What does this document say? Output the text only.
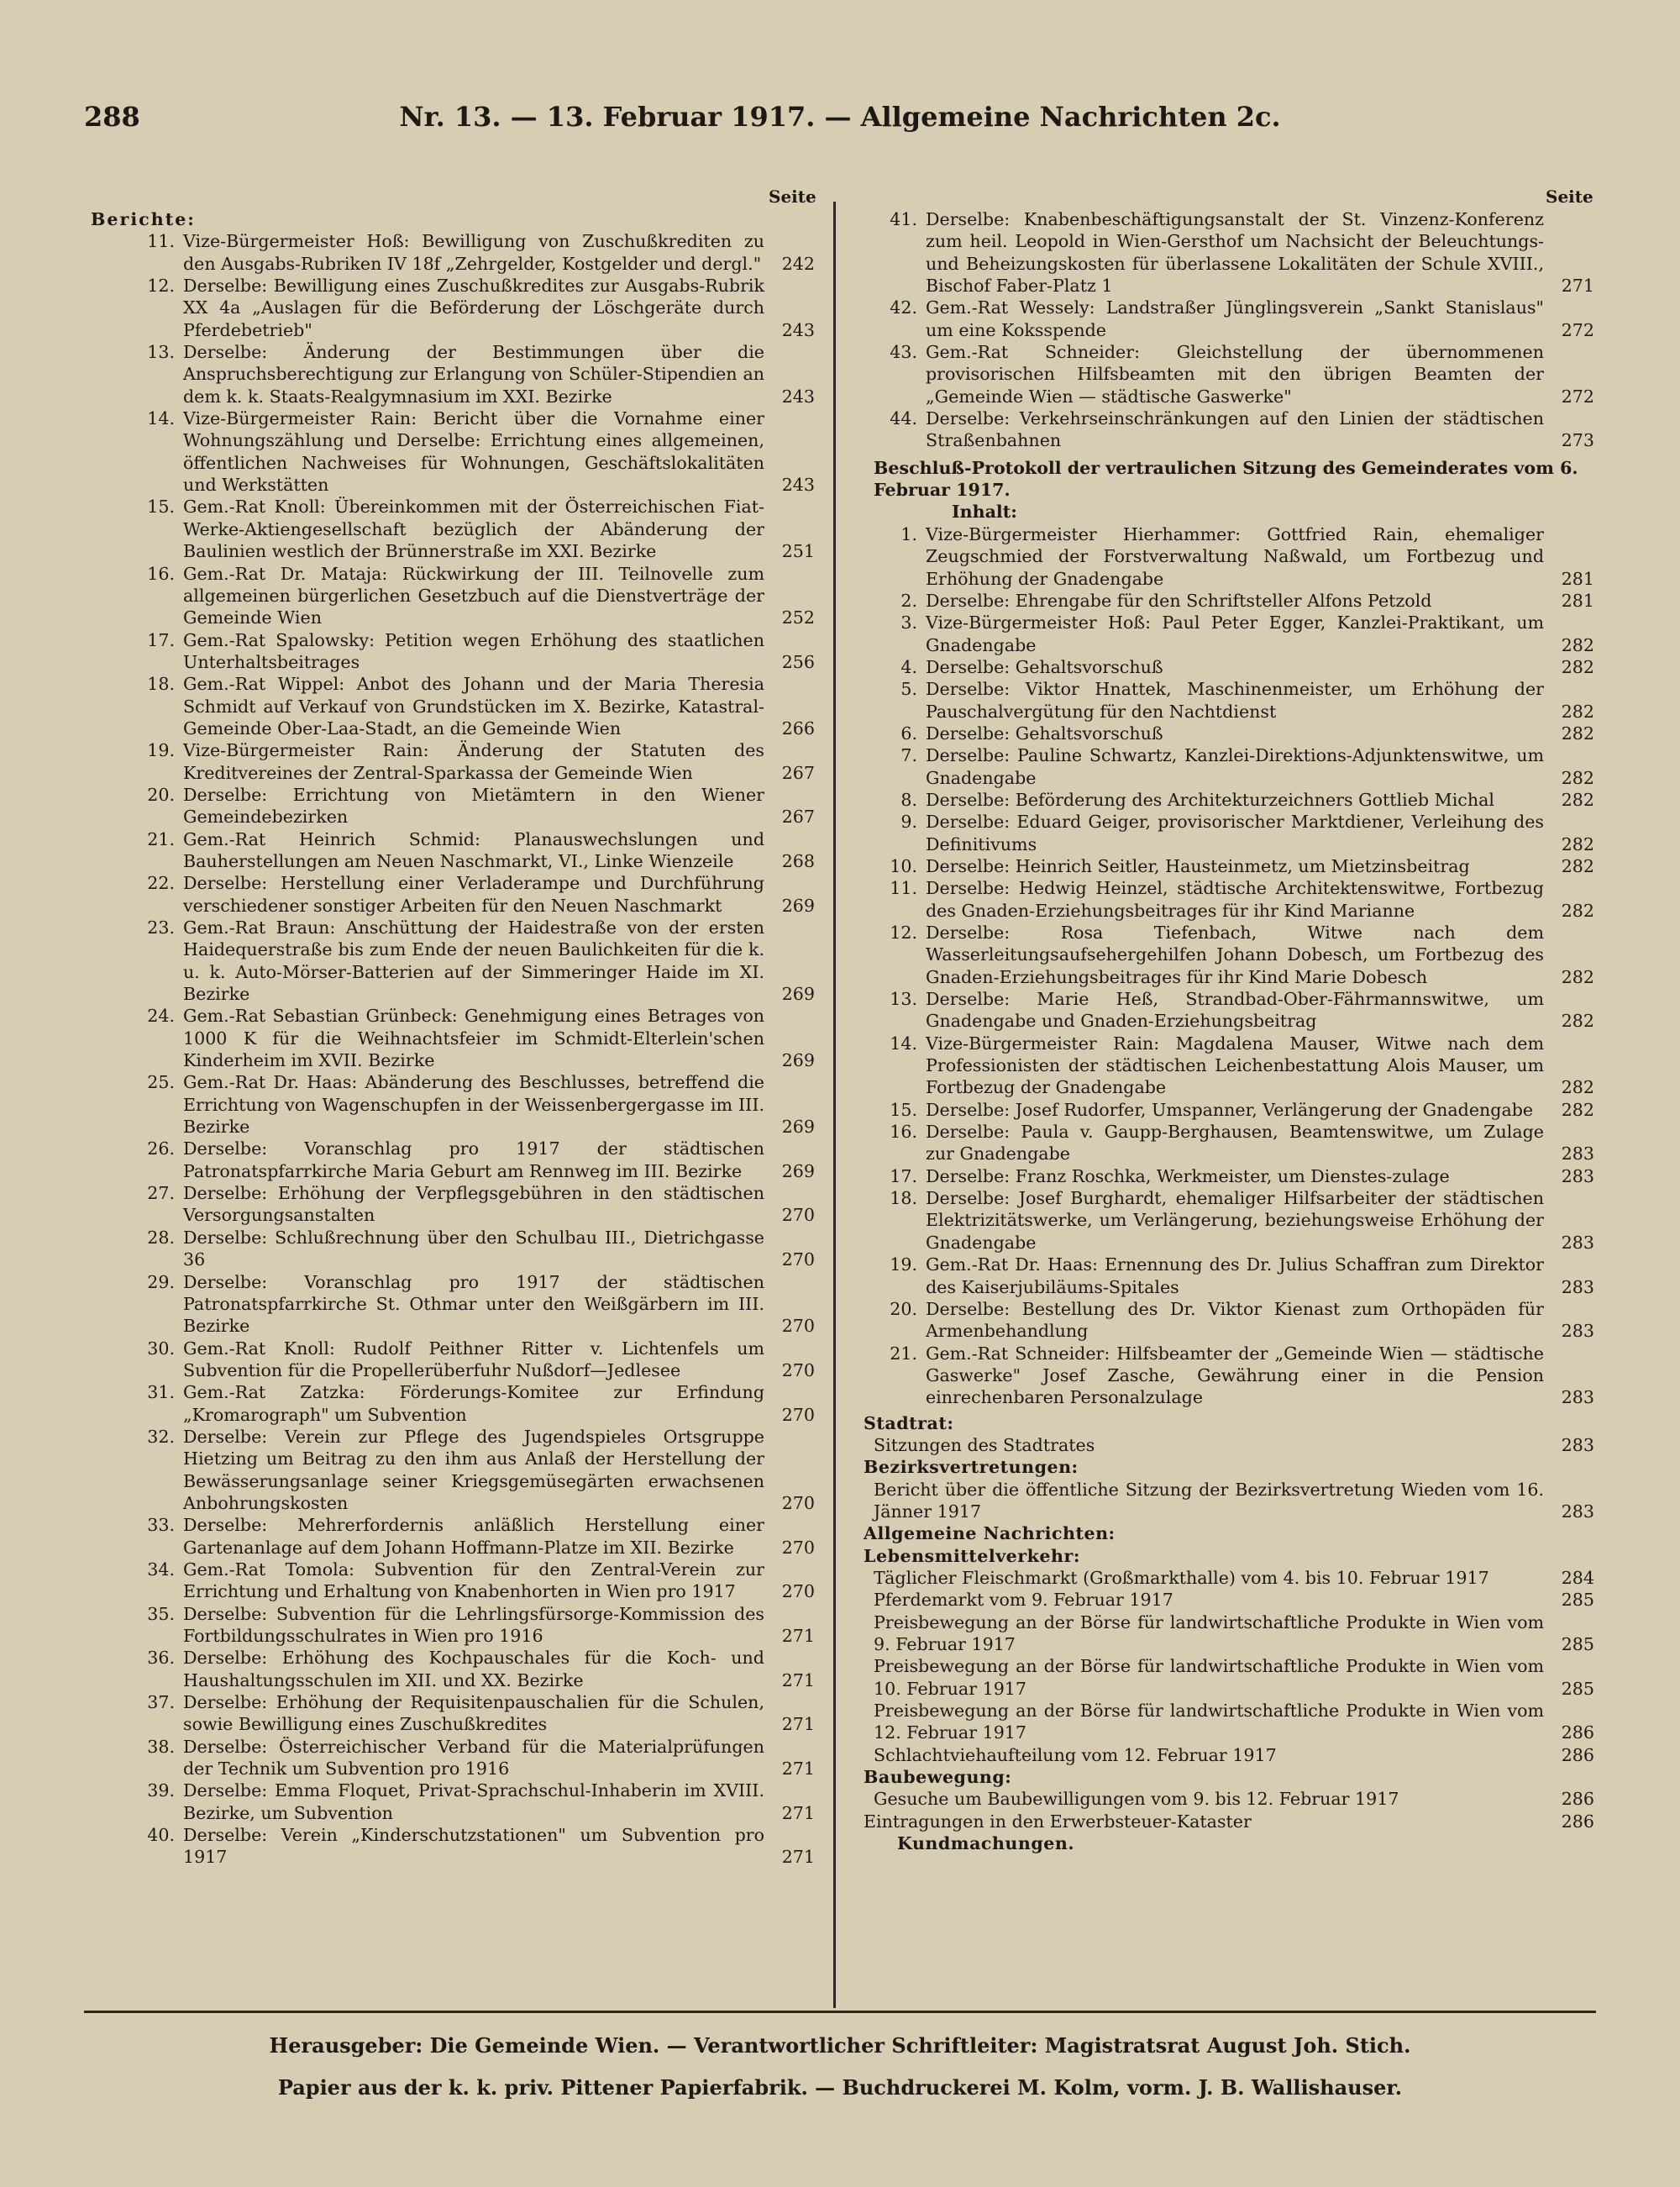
288	Nr. 13. — 13. Februar 1917. — Allgemeine Nachrichten 2c.
Seite	Seite
Berichte:
11. Vize-Bürgermeister Hoß: Bewilligung von Zuschußkrediten zu den Ausgabs-Rubriken IV 18f „Zehrgelder, Kostgelder und dergl."	242
12. Derselbe: Bewilligung eines Zuschußkredites zur Ausgabs-Rubrik XX 4a „Auslagen für die Beförderung der Löschgeräte durch Pferdebetrieb"	243
13. Derselbe: Änderung der Bestimmungen über die Anspruchsberechtigung zur Erlangung von Schüler-Stipendien an dem k. k. Staats-Realgymnasium im XXI. Bezirke	243
14. Vize-Bürgermeister Rain: Bericht über die Vornahme einer Wohnungszählung und Derselbe: Errichtung eines allgemeinen, öffentlichen Nachweises für Wohnungen, Geschäftslokalitäten und Werkstätten	243
15. Gem.-Rat Knoll: Übereinkommen mit der Österreichischen Fiat-Werke-Aktiengesellschaft bezüglich der Abänderung der Baulinien westlich der Brünnerstraße im XXI. Bezirke	251
16. Gem.-Rat Dr. Mataja: Rückwirkung der III. Teilnovelle zum allgemeinen bürgerlichen Gesetzbuch auf die Dienstverträge der Gemeinde Wien	252
17. Gem.-Rat Spalowsky: Petition wegen Erhöhung des staatlichen Unterhaltsbeitrages	256
18. Gem.-Rat Wippel: Anbot des Johann und der Maria Theresia Schmidt auf Verkauf von Grundstücken im X. Bezirke, Katastral-Gemeinde Ober-Laa-Stadt, an die Gemeinde Wien	266
19. Vize-Bürgermeister Rain: Änderung der Statuten des Kreditvereines der Zentral-Sparkassa der Gemeinde Wien	267
20. Derselbe: Errichtung von Mietämtern in den Wiener Gemeindebezirken	267
21. Gem.-Rat Heinrich Schmid: Planauswechslungen und Bauherstellungen am Neuen Naschmarkt, VI., Linke Wienzeile	268
22. Derselbe: Herstellung einer Verladerampe und Durchführung verschiedener sonstiger Arbeiten für den Neuen Naschmarkt	269
23. Gem.-Rat Braun: Anschüttung der Haidestraße von der ersten Haidequerstraße bis zum Ende der neuen Baulichkeiten für die k. u. k. Auto-Mörser-Batterien auf der Simmeringer Haide im XI. Bezirke	269
24. Gem.-Rat Sebastian Grünbeck: Genehmigung eines Betrages von 1000 K für die Weihnachtsfeier im Schmidt-Elterlein'schen Kinderheim im XVII. Bezirke	269
25. Gem.-Rat Dr. Haas: Abänderung des Beschlusses, betreffend die Errichtung von Wagenschupfen in der Weissenbergergasse im III. Bezirke	269
26. Derselbe: Voranschlag pro 1917 der städtischen Patronatspfarrkirche Maria Geburt am Rennweg im III. Bezirke	269
27. Derselbe: Erhöhung der Verpflegsgebühren in den städtischen Versorgungsanstalten	270
28. Derselbe: Schlußrechnung über den Schulbau III., Dietrichgasse 36	270
29. Derselbe: Voranschlag pro 1917 der städtischen Patronatspfarrkirche St. Othmar unter den Weißgärbern im III. Bezirke	270
30. Gem.-Rat Knoll: Rudolf Peithner Ritter v. Lichtenfels um Subvention für die Propellerüberfuhr Nußdorf—Jedlesee	270
31. Gem.-Rat Zatzka: Förderungs-Komitee zur Erfindung „Kromarograph" um Subvention	270
32. Derselbe: Verein zur Pflege des Jugendspieles Ortsgruppe Hietzing um Beitrag zu den ihm aus Anlaß der Herstellung der Bewässerungsanlage seiner Kriegsgemüsegärten erwachsenen Anbohrungskosten	270
33. Derselbe: Mehrerfordernis anläßlich Herstellung einer Gartenanlage auf dem Johann Hoffmann-Platze im XII. Bezirke	270
34. Gem.-Rat Tomola: Subvention für den Zentral-Verein zur Errichtung und Erhaltung von Knabenhorten in Wien pro 1917	270
35. Derselbe: Subvention für die Lehrlingsfürsorge-Kommission des Fortbildungsschulrates in Wien pro 1916	271
36. Derselbe: Erhöhung des Kochpauschales für die Koch- und Haushaltungsschulen im XII. und XX. Bezirke	271
37. Derselbe: Erhöhung der Requisitenpauschalien für die Schulen, sowie Bewilligung eines Zuschußkredites	271
38. Derselbe: Österreichischer Verband für die Materialprüfungen der Technik um Subvention pro 1916	271
39. Derselbe: Emma Floquet, Privat-Sprachschul-Inhaberin im XVIII. Bezirke, um Subvention	271
40. Derselbe: Verein „Kinderschutzstationen" um Subvention pro 1917	271
41. Derselbe: Knabenbeschäftigungsanstalt der St. Vinzenz-Konferenz zum heil. Leopold in Wien-Gersthof um Nachsicht der Beleuchtungs- und Beheizungskosten für überlassene Lokalitäten der Schule XVIII., Bischof Faber-Platz 1	271
42. Gem.-Rat Wessely: Landstraßer Jünglingsverein „Sankt Stanislaus" um eine Koksspende	272
43. Gem.-Rat Schneider: Gleichstellung der übernommenen provisorischen Hilfsbeamten mit den übrigen Beamten der „Gemeinde Wien — städtische Gaswerke"	272
44. Derselbe: Verkehrseinschränkungen auf den Linien der städtischen Straßenbahnen	273
Beschluß-Protokoll der vertraulichen Sitzung des Gemeinderates vom 6. Februar 1917.
Inhalt:
1. Vize-Bürgermeister Hierhammer: Gottfried Rain, ehemaliger Zeugschmied der Forstverwaltung Naßwald, um Fortbezug und Erhöhung der Gnadengabe	281
2. Derselbe: Ehrengabe für den Schriftsteller Alfons Petzold	281
3. Vize-Bürgermeister Hoß: Paul Peter Egger, Kanzlei-Praktikant, um Gnadengabe	282
4. Derselbe: Gehaltsvorschuß	282
5. Derselbe: Viktor Hnattek, Maschinenmeister, um Erhöhung der Pauschalvergütung für den Nachtdienst	282
6. Derselbe: Gehaltsvorschuß	282
7. Derselbe: Pauline Schwartz, Kanzlei-Direktions-Adjunktenswitwe, um Gnadengabe	282
8. Derselbe: Beförderung des Architekturzeichners Gottlieb Michal	282
9. Derselbe: Eduard Geiger, provisorischer Marktdiener, Verleihung des Definitivums	282
10. Derselbe: Heinrich Seitler, Hausteinmetz, um Mietzinsbeitrag	282
11. Derselbe: Hedwig Heinzel, städtische Architektenswitwe, Fortbezug des Gnaden-Erziehungsbeitrages für ihr Kind Marianne	282
12. Derselbe: Rosa Tiefenbach, Witwe nach dem Wasserleitungsaufsehergehilfen Johann Dobesch, um Fortbezug des Gnaden-Erziehungsbeitrages für ihr Kind Marie Dobesch	282
13. Derselbe: Marie Heß, Strandbad-Ober-Fährmannswitwe, um Gnadengabe und Gnaden-Erziehungsbeitrag	282
14. Vize-Bürgermeister Rain: Magdalena Mauser, Witwe nach dem Professionisten der städtischen Leichenbestattung Alois Mauser, um Fortbezug der Gnadengabe	282
15. Derselbe: Josef Rudorfer, Umspanner, Verlängerung der Gnadengabe	282
16. Derselbe: Paula v. Gaupp-Berghausen, Beamtenswitwe, um Zulage zur Gnadengabe	283
17. Derselbe: Franz Roschka, Werkmeister, um Dienstes-zulage	283
18. Derselbe: Josef Burghardt, ehemaliger Hilfsarbeiter der städtischen Elektrizitätswerke, um Verlängerung, beziehungsweise Erhöhung der Gnadengabe	283
19. Gem.-Rat Dr. Haas: Ernennung des Dr. Julius Schaffran zum Direktor des Kaiserjubiläums-Spitales	283
20. Derselbe: Bestellung des Dr. Viktor Kienast zum Orthopäden für Armenbehandlung	283
21. Gem.-Rat Schneider: Hilfsbeamter der „Gemeinde Wien — städtische Gaswerke" Josef Zasche, Gewährung einer in die Pension einrechenbaren Personalzulage	283
Stadtrat:
Sitzungen des Stadtrates	283
Bezirksvertretungen:
Bericht über die öffentliche Sitzung der Bezirksvertretung Wieden vom 16. Jänner 1917	283
Allgemeine Nachrichten:
Lebensmittelverkehr:
Täglicher Fleischmarkt (Großmarkthalle) vom 4. bis 10. Februar 1917	284
Pferdemarkt vom 9. Februar 1917	285
Preisbewegung an der Börse für landwirtschaftliche Produkte in Wien vom 9. Februar 1917	285
Preisbewegung an der Börse für landwirtschaftliche Produkte in Wien vom 10. Februar 1917	285
Preisbewegung an der Börse für landwirtschaftliche Produkte in Wien vom 12. Februar 1917	286
Schlachtviehaufteilung vom 12. Februar 1917	286
Baubewegung:
Gesuche um Baubewilligungen vom 9. bis 12. Februar 1917	286
Eintragungen in den Erwerbsteuer-Kataster	286
Kundmachungen.
Herausgeber: Die Gemeinde Wien. — Verantwortlicher Schriftleiter: Magistratsrat August Joh. Stich.
Papier aus der k. k. priv. Pittener Papierfabrik. — Buchdruckerei M. Kolm, vorm. J. B. Wallishauser.
